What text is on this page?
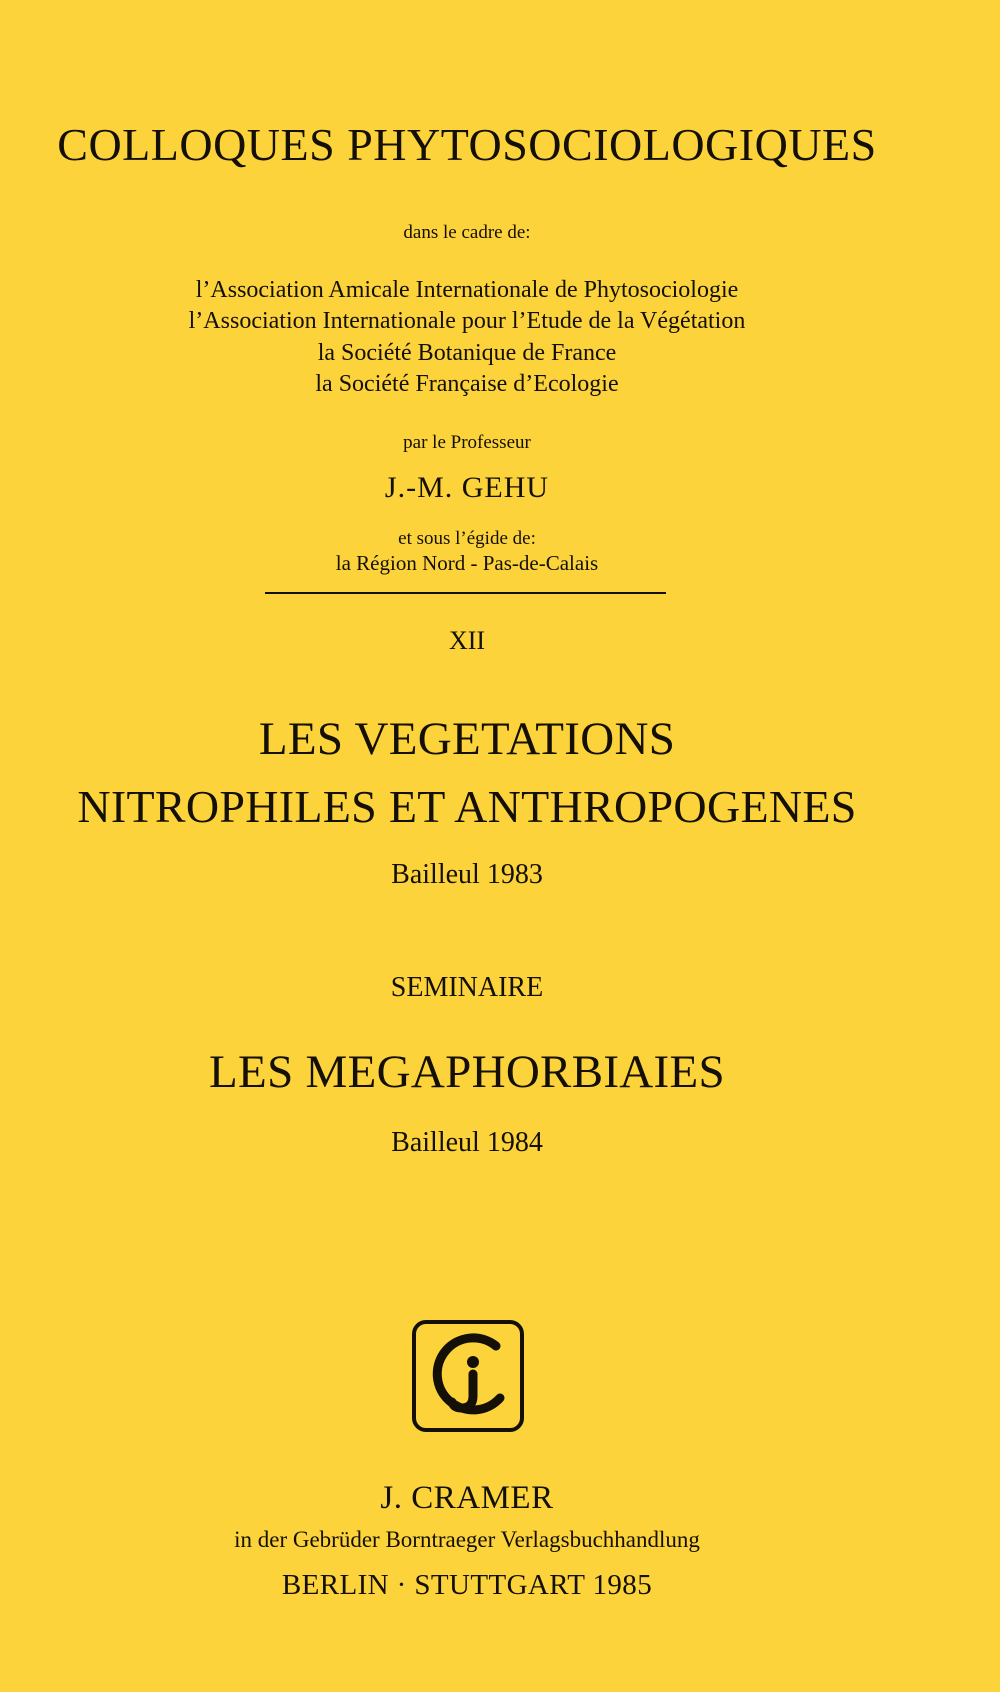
COLLOQUES PHYTOSOCIOLOGIQUES
dans le cadre de:
l’Association Amicale Internationale de Phytosociologie
l’Association Internationale pour l’Etude de la Végétation
la Société Botanique de France
la Société Française d’Ecologie
par le Professeur
J.-M. GEHU
et sous l’égide de:
la Région Nord - Pas-de-Calais
XII
LES VEGETATIONS
NITROPHILES ET ANTHROPOGENES
Bailleul 1983
SEMINAIRE
LES MEGAPHORBIAIES
Bailleul 1984
J. CRAMER
in der Gebrüder Borntraeger Verlagsbuchhandlung
BERLIN · STUTTGART 1985
